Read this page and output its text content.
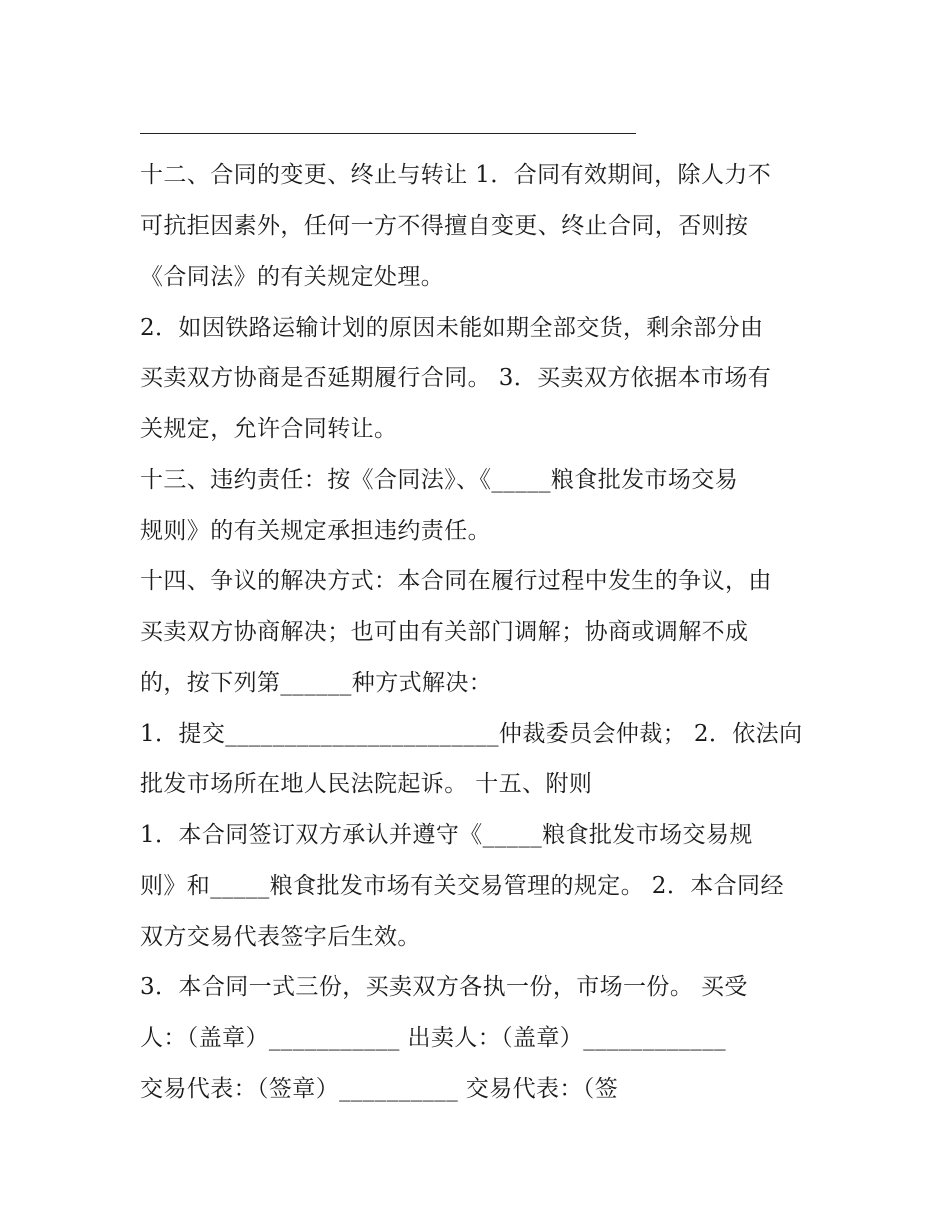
十二、合同的变更、终止与转让 1．合同有效期间，除人力不
可抗拒因素外，任何一方不得擅自变更、终止合同，否则按
《合同法》的有关规定处理。
2．如因铁路运输计划的原因未能如期全部交货，剩余部分由
买卖双方协商是否延期履行合同。 3．买卖双方依据本市场有
关规定，允许合同转让。
十三、违约责任：按《合同法》、《_____粮食批发市场交易
规则》的有关规定承担违约责任。
十四、争议的解决方式：本合同在履行过程中发生的争议，由
买卖双方协商解决；也可由有关部门调解；协商或调解不成
的，按下列第______种方式解决：
1．提交_______________________仲裁委员会仲裁； 2．依法向
批发市场所在地人民法院起诉。 十五、附则
1．本合同签订双方承认并遵守《_____粮食批发市场交易规
则》和_____粮食批发市场有关交易管理的规定。 2．本合同经
双方交易代表签字后生效。
3．本合同一式三份，买卖双方各执一份，市场一份。 买受
人：（盖章）___________ 出卖人：（盖章）____________
交易代表：（签章）__________ 交易代表：（签
